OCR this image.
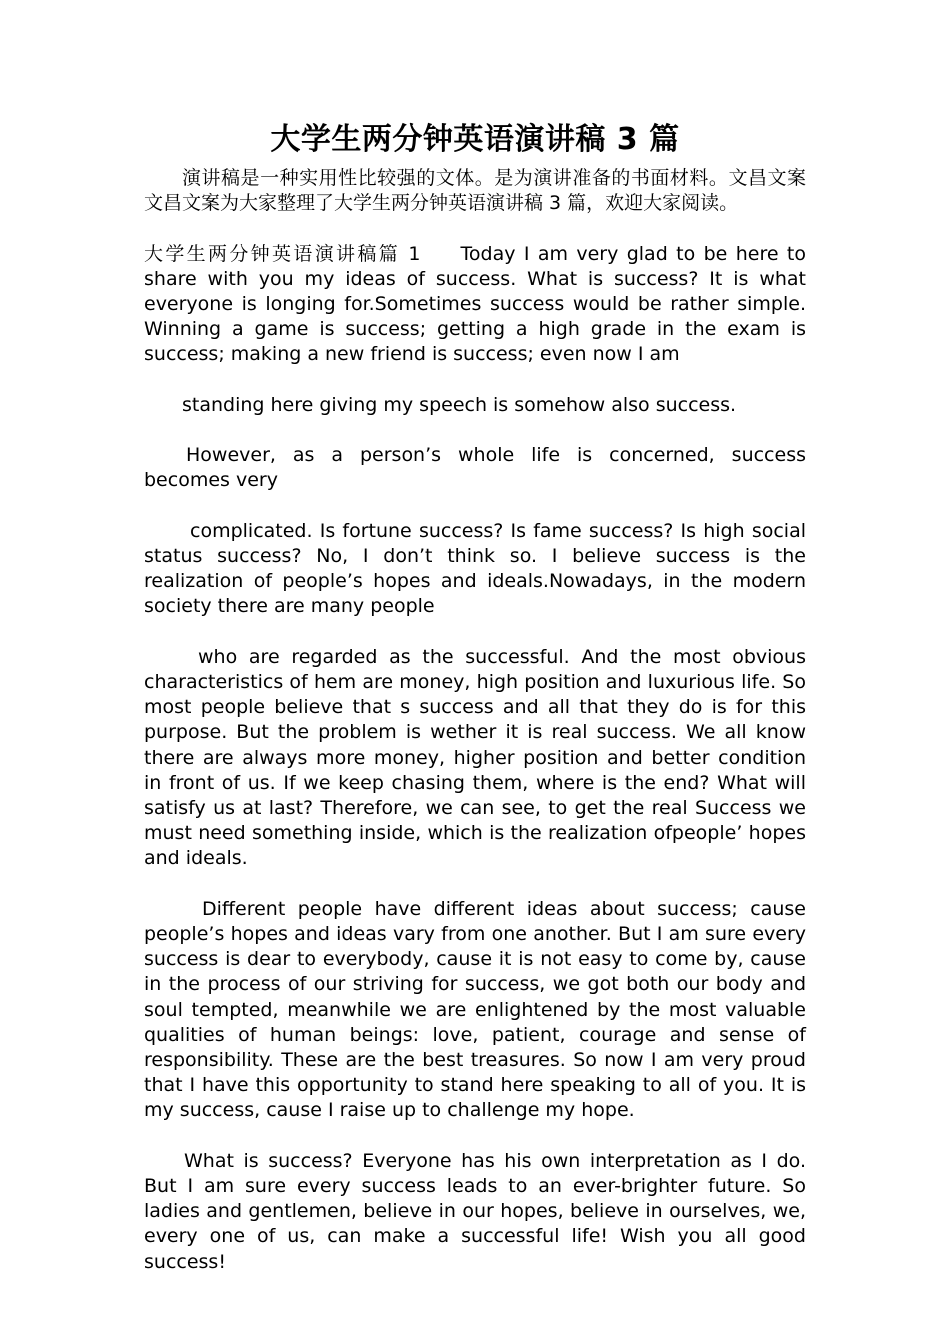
大学生两分钟英语演讲稿 3 篇

演讲稿是一种实用性比较强的文体。是为演讲准备的书面材料。文昌文案文昌文案为大家整理了大学生两分钟英语演讲稿 3 篇，欢迎大家阅读。

大学生两分钟英语演讲稿篇 1 Today I am very glad to be here to share with you my ideas of success. What is success? It is what everyone is longing for.Sometimes success would be rather simple. Winning a game is success; getting a high grade in the exam is success; making a new friend is success; even now I am

standing here giving my speech is somehow also success.

However, as a person’s whole life is concerned, success becomes very

complicated. Is fortune success? Is fame success? Is high social status success? No, I don’t think so. I believe success is the realization of people’s hopes and ideals.Nowadays, in the modern society there are many people

who are regarded as the successful. And the most obvious characteristics of hem are money, high position and luxurious life. So most people believe that s success and all that they do is for this purpose. But the problem is wether it is real success. We all know there are always more money, higher position and better condition in front of us. If we keep chasing them, where is the end? What will satisfy us at last? Therefore, we can see, to get the real Success we must need something inside, which is the realization ofpeople’ hopes and ideals.

Different people have different ideas about success; cause people’s hopes and ideas vary from one another. But I am sure every success is dear to everybody, cause it is not easy to come by, cause in the process of our striving for success, we got both our body and soul tempted, meanwhile we are enlightened by the most valuable qualities of human beings: love, patient, courage and sense of responsibility. These are the best treasures. So now I am very proud that I have this opportunity to stand here speaking to all of you. It is my success, cause I raise up to challenge my hope.

What is success? Everyone has his own interpretation as I do. But I am sure every success leads to an ever-brighter future. So ladies and gentlemen, believe in our hopes, believe in ourselves, we, every one of us, can make a successful life! Wish you all good success!
